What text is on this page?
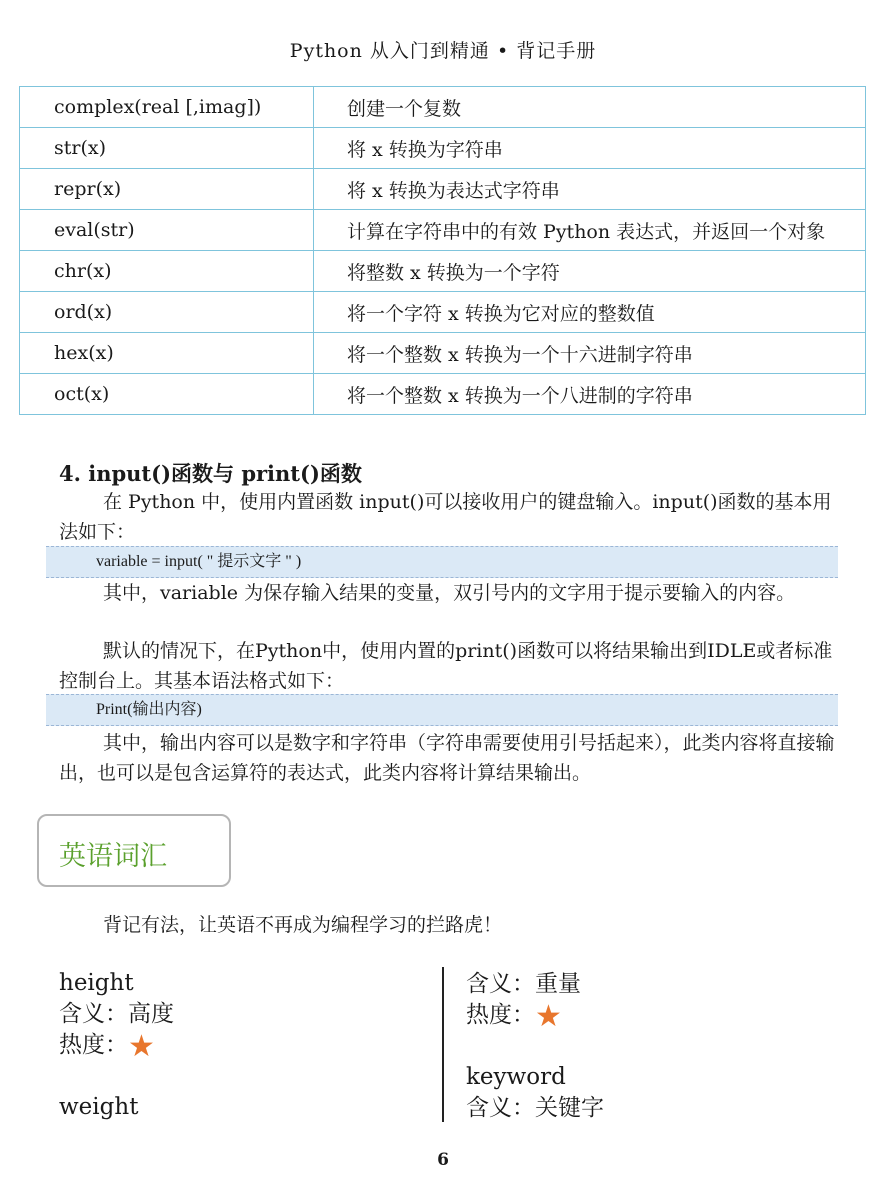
Python 从入门到精通 • 背记手册
complex(real [,imag])	创建一个复数
str(x)	将 x 转换为字符串
repr(x)	将 x 转换为表达式字符串
eval(str)	计算在字符串中的有效 Python 表达式，并返回一个对象
chr(x)	将整数 x 转换为一个字符
ord(x)	将一个字符 x 转换为它对应的整数值
hex(x)	将一个整数 x 转换为一个十六进制字符串
oct(x)	将一个整数 x 转换为一个八进制的字符串
4. input()函数与 print()函数
在 Python 中，使用内置函数 input()可以接收用户的键盘输入。input()函数的基本用法如下：
variable = input( " 提示文字 " )
其中，variable 为保存输入结果的变量，双引号内的文字用于提示要输入的内容。
默认的情况下，在Python中，使用内置的print()函数可以将结果输出到IDLE或者标准控制台上。其基本语法格式如下：
Print(输出内容)
其中，输出内容可以是数字和字符串（字符串需要使用引号括起来），此类内容将直接输出，也可以是包含运算符的表达式，此类内容将计算结果输出。
英语词汇
背记有法，让英语不再成为编程学习的拦路虎！
height
含义：高度
热度：★
weight
含义：重量
热度：★
keyword
含义：关键字
6
